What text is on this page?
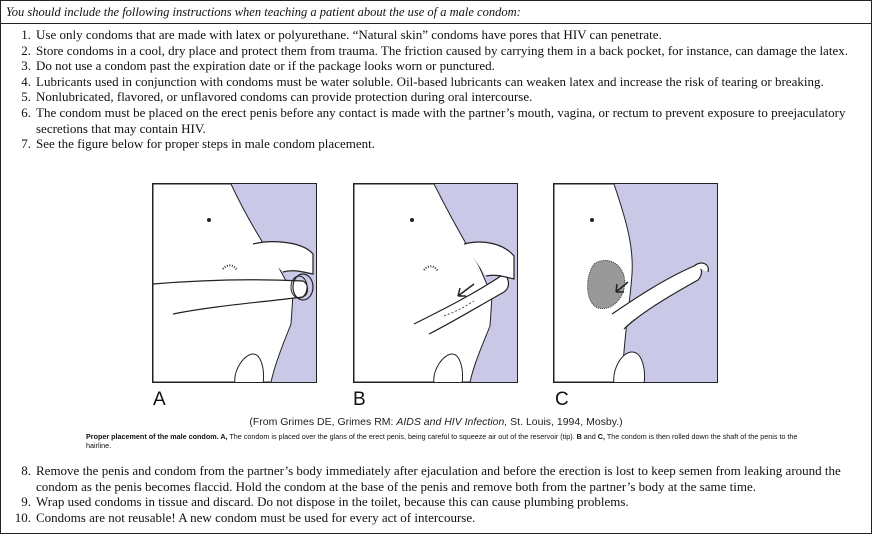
You should include the following instructions when teaching a patient about the use of a male condom:
1. Use only condoms that are made with latex or polyurethane. “Natural skin” condoms have pores that HIV can penetrate.
2. Store condoms in a cool, dry place and protect them from trauma. The friction caused by carrying them in a back pocket, for instance, can damage the latex.
3. Do not use a condom past the expiration date or if the package looks worn or punctured.
4. Lubricants used in conjunction with condoms must be water soluble. Oil-based lubricants can weaken latex and increase the risk of tearing or breaking.
5. Nonlubricated, flavored, or unflavored condoms can provide protection during oral intercourse.
6. The condom must be placed on the erect penis before any contact is made with the partner’s mouth, vagina, or rectum to prevent exposure to preejaculatory secretions that may contain HIV.
7. See the figure below for proper steps in male condom placement.
A	B	C
(From Grimes DE, Grimes RM: AIDS and HIV Infection, St. Louis, 1994, Mosby.)
Proper placement of the male condom. A, The condom is placed over the glans of the erect penis, being careful to squeeze air out of the reservoir (tip). B and C, The condom is then rolled down the shaft of the penis to the hairline.
8. Remove the penis and condom from the partner’s body immediately after ejaculation and before the erection is lost to keep semen from leaking around the condom as the penis becomes flaccid. Hold the condom at the base of the penis and remove both from the partner’s body at the same time.
9. Wrap used condoms in tissue and discard. Do not dispose in the toilet, because this can cause plumbing problems.
10. Condoms are not reusable! A new condom must be used for every act of intercourse.
